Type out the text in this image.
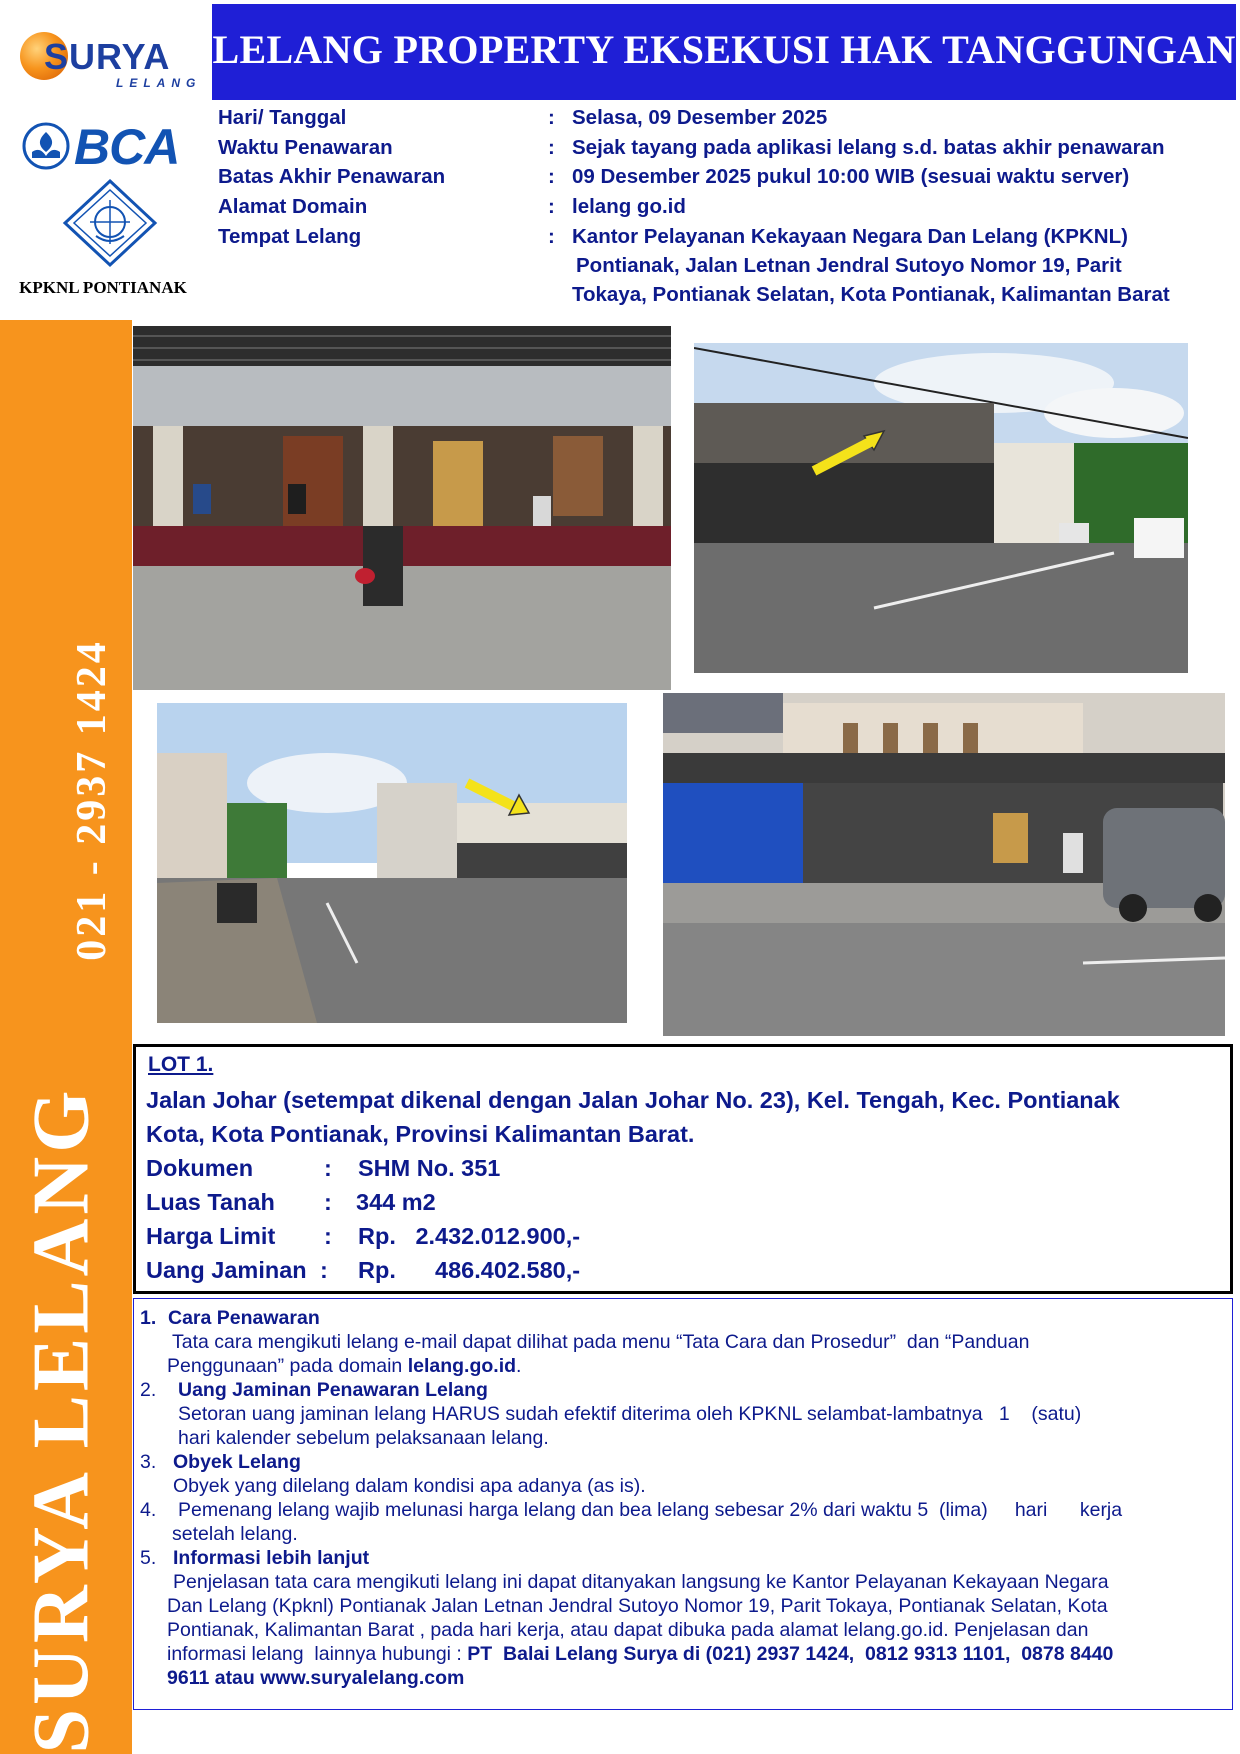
SURYA
LELANG
BCA
KPKNL PONTIANAK
LELANG PROPERTY EKSEKUSI HAK TANGGUNGAN
Hari/ Tanggal	: Selasa, 09 Desember 2025
Waktu Penawaran	: Sejak tayang pada aplikasi lelang s.d. batas akhir penawaran
Batas Akhir Penawaran	: 09 Desember 2025 pukul 10:00 WIB (sesuai waktu server)
Alamat Domain	: lelang go.id
Tempat Lelang	: Kantor Pelayanan Kekayaan Negara Dan Lelang (KPKNL)
Pontianak, Jalan Letnan Jendral Sutoyo Nomor 19, Parit
Tokaya, Pontianak Selatan, Kota Pontianak, Kalimantan Barat
021 - 2937 1424
SURYA LELANG
LOT 1.
Jalan Johar (setempat dikenal dengan Jalan Johar No. 23), Kel. Tengah, Kec. Pontianak
Kota, Kota Pontianak, Provinsi Kalimantan Barat.
Dokumen	: SHM No. 351
Luas Tanah : 344 m2
Harga Limit : Rp.   2.432.012.900,-
Uang Jaminan : Rp.      486.402.580,-
1. Cara Penawaran
Tata cara mengikuti lelang e-mail dapat dilihat pada menu “Tata Cara dan Prosedur”  dan “Panduan
Penggunaan” pada domain lelang.go.id.
2. Uang Jaminan Penawaran Lelang
Setoran uang jaminan lelang HARUS sudah efektif diterima oleh KPKNL selambat-lambatnya   1    (satu)
hari kalender sebelum pelaksanaan lelang.
3. Obyek Lelang
Obyek yang dilelang dalam kondisi apa adanya (as is).
4. Pemenang lelang wajib melunasi harga lelang dan bea lelang sebesar 2% dari waktu 5  (lima)     hari      kerja
setelah lelang.
5. Informasi lebih lanjut
Penjelasan tata cara mengikuti lelang ini dapat ditanyakan langsung ke Kantor Pelayanan Kekayaan Negara
Dan Lelang (Kpknl) Pontianak Jalan Letnan Jendral Sutoyo Nomor 19, Parit Tokaya, Pontianak Selatan, Kota
Pontianak, Kalimantan Barat , pada hari kerja, atau dapat dibuka pada alamat lelang.go.id. Penjelasan dan
informasi lelang  lainnya hubungi : PT  Balai Lelang Surya di (021) 2937 1424,  0812 9313 1101,  0878 8440
9611 atau www.suryalelang.com
